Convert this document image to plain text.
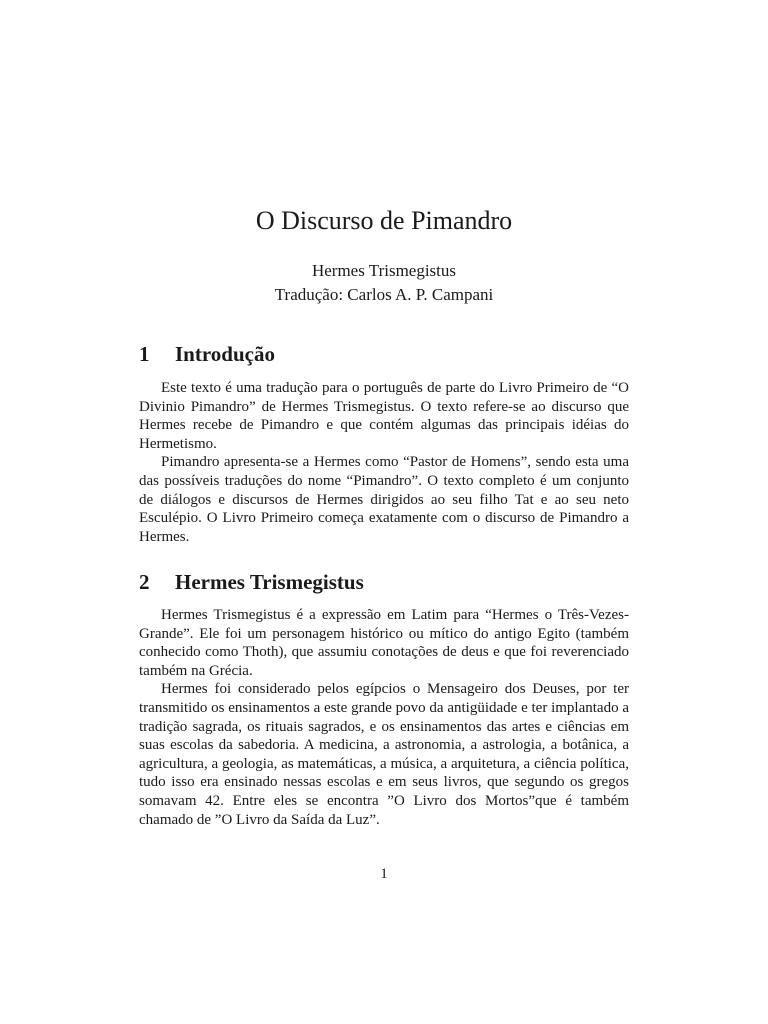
O Discurso de Pimandro
Hermes Trismegistus
Tradução: Carlos A. P. Campani
1 Introdução

Este texto é uma tradução para o português de parte do Livro Primeiro de “O Divinio Pimandro” de Hermes Trismegistus. O texto refere-se ao discurso que Hermes recebe de Pimandro e que contém algumas das principais idéias do Hermetismo.

Pimandro apresenta-se a Hermes como “Pastor de Homens”, sendo esta uma das possíveis traduções do nome “Pimandro”. O texto completo é um conjunto de diálogos e discursos de Hermes dirigidos ao seu filho Tat e ao seu neto Esculépio. O Livro Primeiro começa exatamente com o discurso de Pimandro a Hermes.

2 Hermes Trismegistus

Hermes Trismegistus é a expressão em Latim para “Hermes o Três-Vezes-Grande”. Ele foi um personagem histórico ou mítico do antigo Egito (também conhecido como Thoth), que assumiu conotações de deus e que foi reverenciado também na Grécia.

Hermes foi considerado pelos egípcios o Mensageiro dos Deuses, por ter transmitido os ensinamentos a este grande povo da antigüidade e ter implantado a tradição sagrada, os rituais sagrados, e os ensinamentos das artes e ciências em suas escolas da sabedoria. A medicina, a astronomia, a astrologia, a botânica, a agricultura, a geologia, as matemáticas, a música, a arquitetura, a ciência política, tudo isso era ensinado nessas escolas e em seus livros, que segundo os gregos somavam 42. Entre eles se encontra ”O Livro dos Mortos”que é também chamado de ”O Livro da Saída da Luz”.

1
